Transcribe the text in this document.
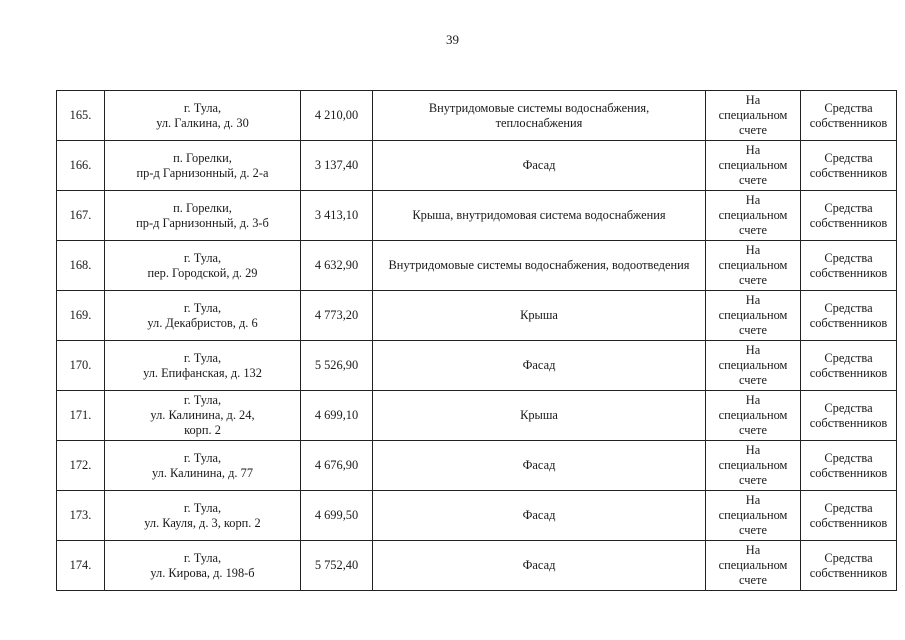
39
165.	г. Тула,
ул. Галкина, д. 30	4 210,00	Внутридомовые системы водоснабжения,
теплоснабжения	На
специальном
счете	Средства
собственников

166.	п. Горелки,
пр-д Гарнизонный, д. 2-а	3 137,40	Фасад	На
специальном
счете	Средства
собственников

167.	п. Горелки,
пр-д Гарнизонный, д. 3-б	3 413,10	Крыша, внутридомовая система водоснабжения	На
специальном
счете	Средства
собственников

168.	г. Тула,
пер. Городской, д. 29	4 632,90	Внутридомовые системы водоснабжения, водоотведения	На
специальном
счете	Средства
собственников

169.	г. Тула,
ул. Декабристов, д. 6	4 773,20	Крыша	На
специальном
счете	Средства
собственников

170.	г. Тула,
ул. Епифанская, д. 132	5 526,90	Фасад	На
специальном
счете	Средства
собственников

171.	г. Тула,
ул. Калинина, д. 24,
корп. 2	4 699,10	Крыша	На
специальном
счете	Средства
собственников

172.	г. Тула,
ул. Калинина, д. 77	4 676,90	Фасад	На
специальном
счете	Средства
собственников

173.	г. Тула,
ул. Кауля, д. 3, корп. 2	4 699,50	Фасад	На
специальном
счете	Средства
собственников

174.	г. Тула,
ул. Кирова, д. 198-б	5 752,40	Фасад	На
специальном
счете	Средства
собственников
